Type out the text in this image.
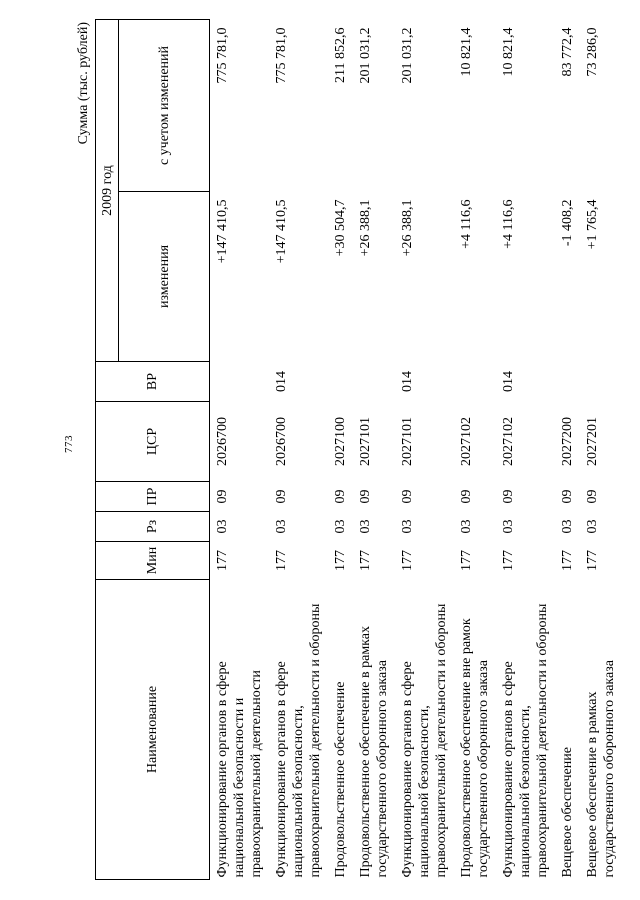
773
Сумма (тыс. рублей)
Наименование	Мин	Рз	ПР	ЦСР	ВР	2009 год	
						изменения	с учетом изменений
Функционирование органов в сфере национальной безопасности и правоохранительной деятельности	177	03	09	2026700		+147 410,5	775 781,0
Функционирование органов в сфере национальной безопасности, правоохранительной деятельности и обороны	177	03	09	2026700	014	+147 410,5	775 781,0
Продовольственное обеспечение	177	03	09	2027100		+30 504,7	211 852,6
Продовольственное обеспечение в рамках государственного оборонного заказа	177	03	09	2027101		+26 388,1	201 031,2
Функционирование органов в сфере национальной безопасности, правоохранительной деятельности и обороны	177	03	09	2027101	014	+26 388,1	201 031,2
Продовольственное обеспечение вне рамок государственного оборонного заказа	177	03	09	2027102		+4 116,6	10 821,4
Функционирование органов в сфере национальной безопасности, правоохранительной деятельности и обороны	177	03	09	2027102	014	+4 116,6	10 821,4
Вещевое обеспечение	177	03	09	2027200		-1 408,2	83 772,4
Вещевое обеспечение в рамках государственного оборонного заказа	177	03	09	2027201		+1 765,4	73 286,0
